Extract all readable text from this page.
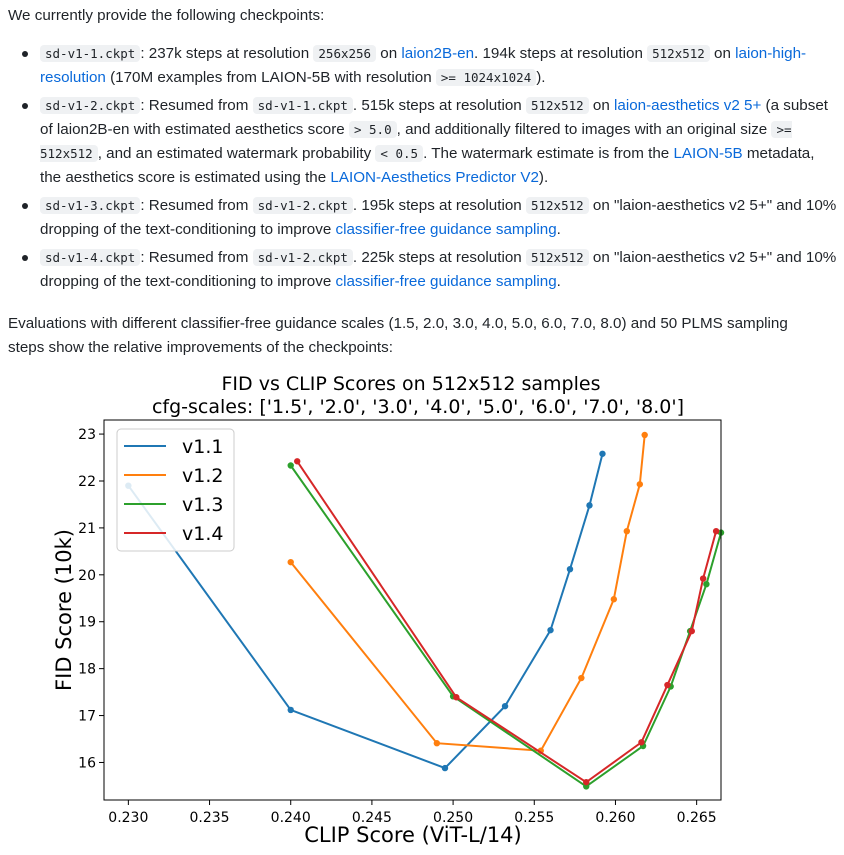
We currently provide the following checkpoints:

sd-v1-1.ckpt : 237k steps at resolution 256x256 on laion2B-en. 194k steps at resolution 512x512 on laion-high-resolution (170M examples from LAION-5B with resolution >= 1024x1024 ).
sd-v1-2.ckpt : Resumed from sd-v1-1.ckpt . 515k steps at resolution 512x512 on laion-aesthetics v2 5+ (a subset of laion2B-en with estimated aesthetics score > 5.0 , and additionally filtered to images with an original size >= 512x512 , and an estimated watermark probability < 0.5 . The watermark estimate is from the LAION-5B metadata, the aesthetics score is estimated using the LAION-Aesthetics Predictor V2).
sd-v1-3.ckpt : Resumed from sd-v1-2.ckpt . 195k steps at resolution 512x512 on "laion-aesthetics v2 5+" and 10% dropping of the text-conditioning to improve classifier-free guidance sampling.
sd-v1-4.ckpt : Resumed from sd-v1-2.ckpt . 225k steps at resolution 512x512 on "laion-aesthetics v2 5+" and 10% dropping of the text-conditioning to improve classifier-free guidance sampling.

Evaluations with different classifier-free guidance scales (1.5, 2.0, 3.0, 4.0, 5.0, 6.0, 7.0, 8.0) and 50 PLMS sampling steps show the relative improvements of the checkpoints:

FID vs CLIP Scores on 512x512 samples
cfg-scales: ['1.5', '2.0', '3.0', '4.0', '5.0', '6.0', '7.0', '8.0']
0.230	0.235	0.240	0.245	0.250	0.255	0.260	0.265
16
17
18
19
20
21
22
23
v1.1
v1.2
v1.3
v1.4
CLIP Score (ViT-L/14)
FID Score (10k)
